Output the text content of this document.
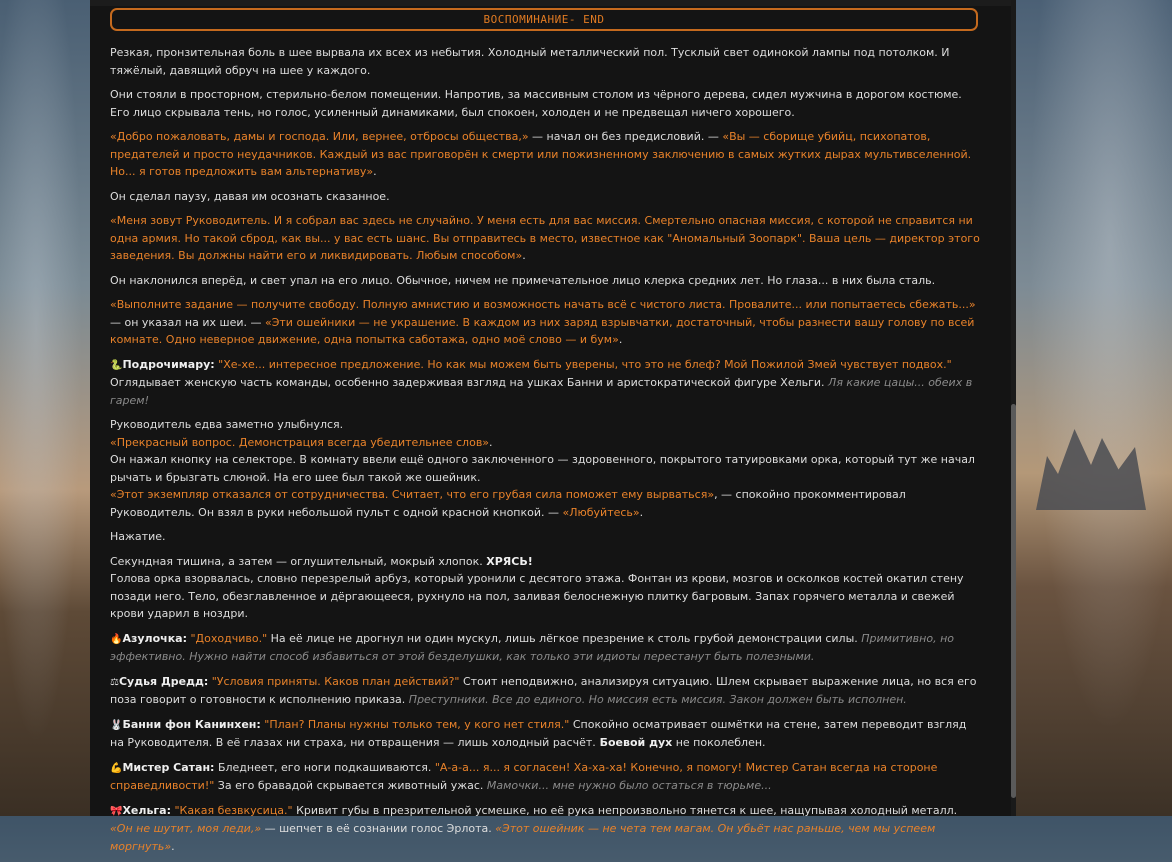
ВОСПОМИНАНИЕ- END
Резкая, пронзительная боль в шее вырвала их всех из небытия. Холодный металлический пол. Тусклый свет одинокой лампы под потолком. И тяжёлый, давящий обруч на шее у каждого.
Они стояли в просторном, стерильно-белом помещении. Напротив, за массивным столом из чёрного дерева, сидел мужчина в дорогом костюме. Его лицо скрывала тень, но голос, усиленный динамиками, был спокоен, холоден и не предвещал ничего хорошего.
«Добро пожаловать, дамы и господа. Или, вернее, отбросы общества,» — начал он без предисловий. — «Вы — сборище убийц, психопатов, предателей и просто неудачников. Каждый из вас приговорён к смерти или пожизненному заключению в самых жутких дырах мультивселенной. Но... я готов предложить вам альтернативу».
Он сделал паузу, давая им осознать сказанное.
«Меня зовут Руководитель. И я собрал вас здесь не случайно. У меня есть для вас миссия. Смертельно опасная миссия, с которой не справится ни одна армия. Но такой сброд, как вы... у вас есть шанс. Вы отправитесь в место, известное как "Аномальный Зоопарк". Ваша цель — директор этого заведения. Вы должны найти его и ликвидировать. Любым способом».
Он наклонился вперёд, и свет упал на его лицо. Обычное, ничем не примечательное лицо клерка средних лет. Но глаза... в них была сталь.
«Выполните задание — получите свободу. Полную амнистию и возможность начать всё с чистого листа. Провалите... или попытаетесь сбежать...» — он указал на их шеи. — «Эти ошейники — не украшение. В каждом из них заряд взрывчатки, достаточный, чтобы разнести вашу голову по всей комнате. Одно неверное движение, одна попытка саботажа, одно моё слово — и бум».
🐍Подрочимару: "Хе-хе... интересное предложение. Но как мы можем быть уверены, что это не блеф? Мой Пожилой Змей чувствует подвох." Оглядывает женскую часть команды, особенно задерживая взгляд на ушках Банни и аристократической фигуре Хельги. Ля какие цацы... обеих в гарем!
Руководитель едва заметно улыбнулся.
«Прекрасный вопрос. Демонстрация всегда убедительнее слов».
Он нажал кнопку на селекторе. В комнату ввели ещё одного заключенного — здоровенного, покрытого татуировками орка, который тут же начал рычать и брызгать слюной. На его шее был такой же ошейник.
«Этот экземпляр отказался от сотрудничества. Считает, что его грубая сила поможет ему вырваться», — спокойно прокомментировал Руководитель. Он взял в руки небольшой пульт с одной красной кнопкой. — «Любуйтесь».
Нажатие.
Секундная тишина, а затем — оглушительный, мокрый хлопок. ХРЯСЬ!
Голова орка взорвалась, словно перезрелый арбуз, который уронили с десятого этажа. Фонтан из крови, мозгов и осколков костей окатил стену позади него. Тело, обезглавленное и дёргающееся, рухнуло на пол, заливая белоснежную плитку багровым. Запах горячего металла и свежей крови ударил в ноздри.
🔥Азулочка: "Доходчиво." На её лице не дрогнул ни один мускул, лишь лёгкое презрение к столь грубой демонстрации силы. Примитивно, но эффективно. Нужно найти способ избавиться от этой безделушки, как только эти идиоты перестанут быть полезными.
⚖Судья Дредд: "Условия приняты. Каков план действий?" Стоит неподвижно, анализируя ситуацию. Шлем скрывает выражение лица, но вся его поза говорит о готовности к исполнению приказа. Преступники. Все до единого. Но миссия есть миссия. Закон должен быть исполнен.
🐰Банни фон Канинхен: "План? Планы нужны только тем, у кого нет стиля." Спокойно осматривает ошмётки на стене, затем переводит взгляд на Руководителя. В её глазах ни страха, ни отвращения — лишь холодный расчёт. Боевой дух не поколеблен.
💪Мистер Сатан: Бледнеет, его ноги подкашиваются. "А-а-а... я... я согласен! Ха-ха-ха! Конечно, я помогу! Мистер Сатан всегда на стороне справедливости!" За его бравадой скрывается животный ужас. Мамочки... мне нужно было остаться в тюрьме...
🎀Хельга: "Какая безвкусица." Кривит губы в презрительной усмешке, но её рука непроизвольно тянется к шее, нащупывая холодный металл. «Он не шутит, моя леди,» — шепчет в её сознании голос Эрлота. «Этот ошейник — не чета тем магам. Он убьёт нас раньше, чем мы успеем моргнуть».
